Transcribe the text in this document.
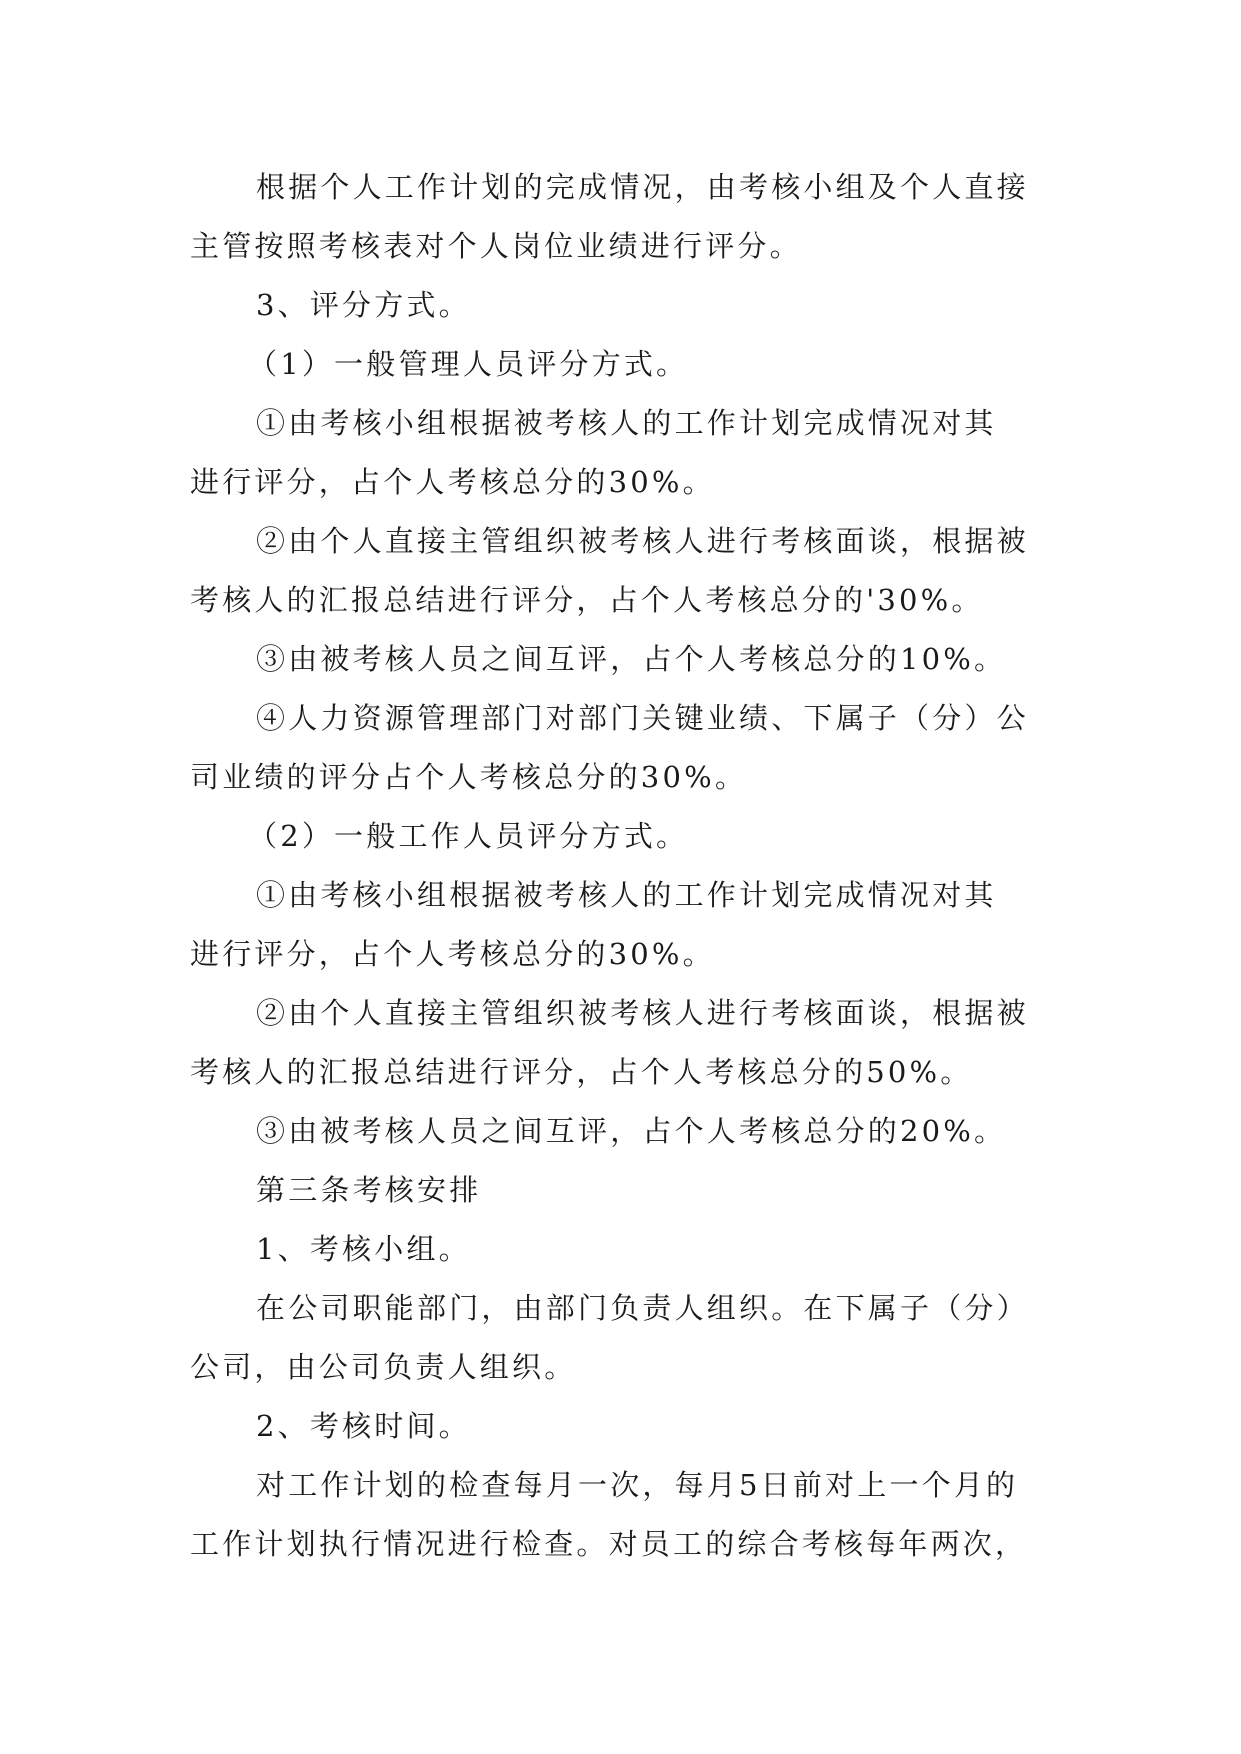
根据个人工作计划的完成情况，由考核小组及个人直接

主管按照考核表对个人岗位业绩进行评分。

3、评分方式。

（1）一般管理人员评分方式。

①由考核小组根据被考核人的工作计划完成情况对其

进行评分，占个人考核总分的30%。

②由个人直接主管组织被考核人进行考核面谈，根据被

考核人的汇报总结进行评分，占个人考核总分的'30%。

③由被考核人员之间互评，占个人考核总分的10%。

④人力资源管理部门对部门关键业绩、下属子（分）公

司业绩的评分占个人考核总分的30%。

（2）一般工作人员评分方式。

①由考核小组根据被考核人的工作计划完成情况对其

进行评分，占个人考核总分的30%。

②由个人直接主管组织被考核人进行考核面谈，根据被

考核人的汇报总结进行评分，占个人考核总分的50%。

③由被考核人员之间互评，占个人考核总分的20%。

第三条考核安排

1、考核小组。

在公司职能部门，由部门负责人组织。在下属子（分）

公司，由公司负责人组织。

2、考核时间。

对工作计划的检查每月一次，每月5日前对上一个月的

工作计划执行情况进行检查。对员工的综合考核每年两次，
